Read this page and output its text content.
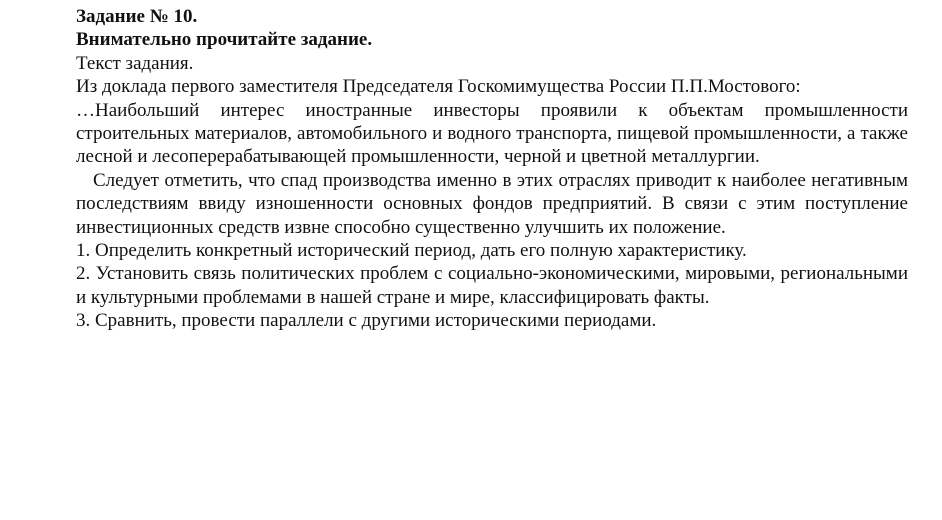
Задание № 10.

Внимательно прочитайте задание.

Текст задания.

Из доклада первого заместителя Председателя Госкомимущества России П.П.Мостового:

…Наибольший интерес иностранные инвесторы проявили к объектам промышленности строительных материалов, автомобильного и водного транспорта, пищевой промышленности, а также лесной и лесоперерабатывающей промышленности, черной и цветной металлургии.

Следует отметить, что спад производства именно в этих отраслях приводит к наиболее негативным последствиям ввиду изношенности основных фондов предприятий. В связи с этим поступление инвестиционных средств извне способно существенно улучшить их положение.

1. Определить конкретный исторический период, дать его полную характеристику.

2. Установить связь политических проблем с социально-экономическими, мировыми, региональными и культурными проблемами в нашей стране и мире, классифицировать факты.

3. Сравнить, провести параллели с другими историческими периодами.
